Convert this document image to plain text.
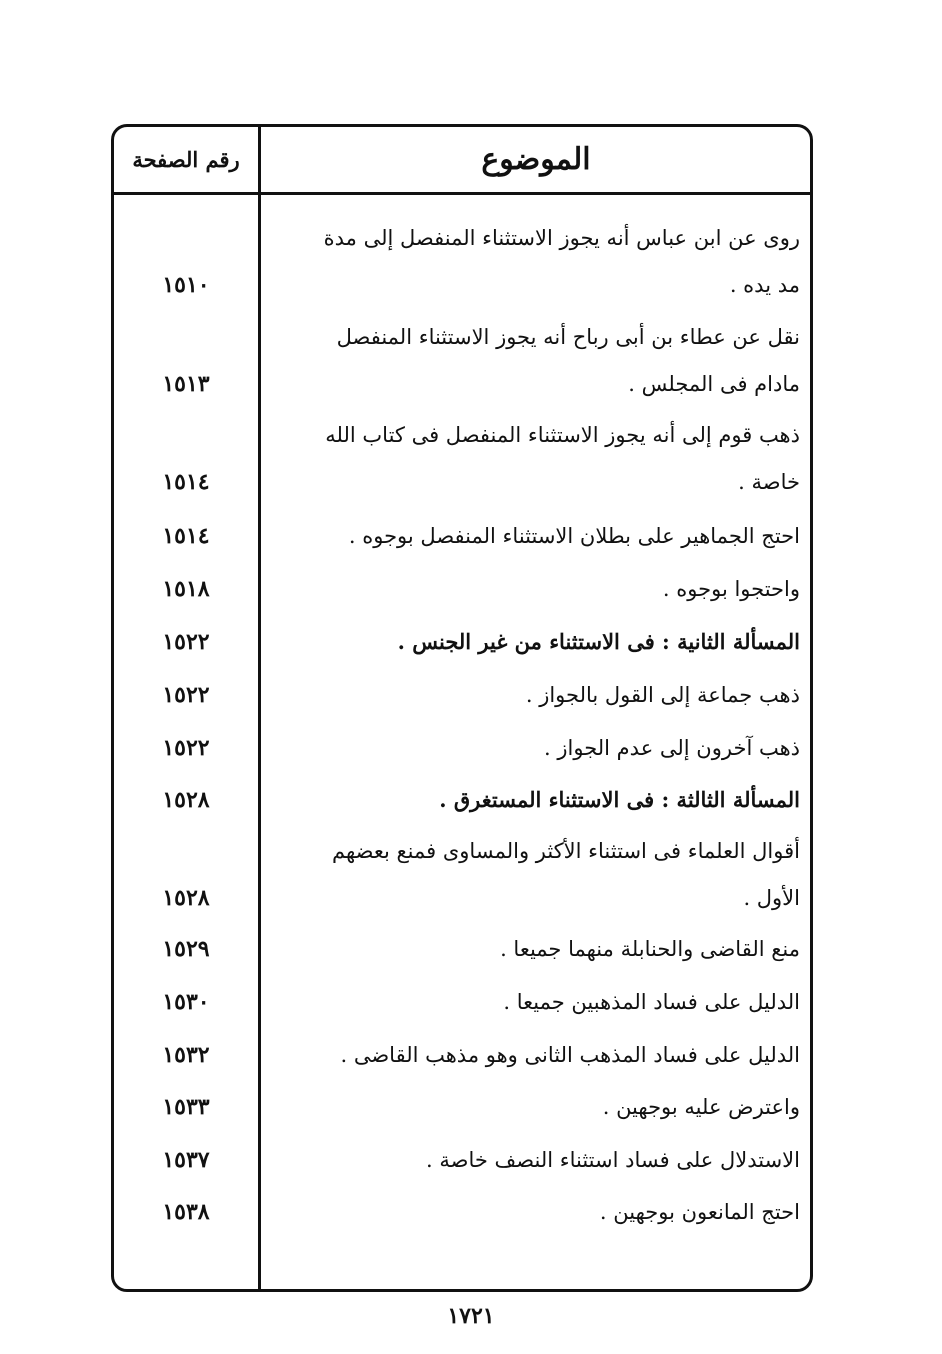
الموضوع
رقم الصفحة
روى عن ابن عباس أنه يجوز الاستثناء المنفصل إلى مدة
مد يده .
١٥١٠
نقل عن عطاء بن أبى رباح أنه يجوز الاستثناء المنفصل
مادام فى المجلس .
١٥١٣
ذهب قوم إلى أنه يجوز الاستثناء المنفصل فى كتاب الله
خاصة .
١٥١٤
احتج الجماهير على بطلان الاستثناء المنفصل بوجوه .
١٥١٤
واحتجوا بوجوه .
١٥١٨
المسألة الثانية : فى الاستثناء من غير الجنس .
١٥٢٢
ذهب جماعة إلى القول بالجواز .
١٥٢٢
ذهب آخرون إلى عدم الجواز .
١٥٢٢
المسألة الثالثة : فى الاستثناء المستغرق .
١٥٢٨
أقوال العلماء فى استثناء الأكثر والمساوى فمنع بعضهم
الأول .
١٥٢٨
منع القاضى والحنابلة منهما جميعا .
١٥٢٩
الدليل على فساد المذهبين جميعا .
١٥٣٠
الدليل على فساد المذهب الثانى وهو مذهب القاضى .
١٥٣٢
واعترض عليه بوجهين .
١٥٣٣
الاستدلال على فساد استثناء النصف خاصة .
١٥٣٧
احتج المانعون بوجهين .
١٥٣٨
١٧٢١
